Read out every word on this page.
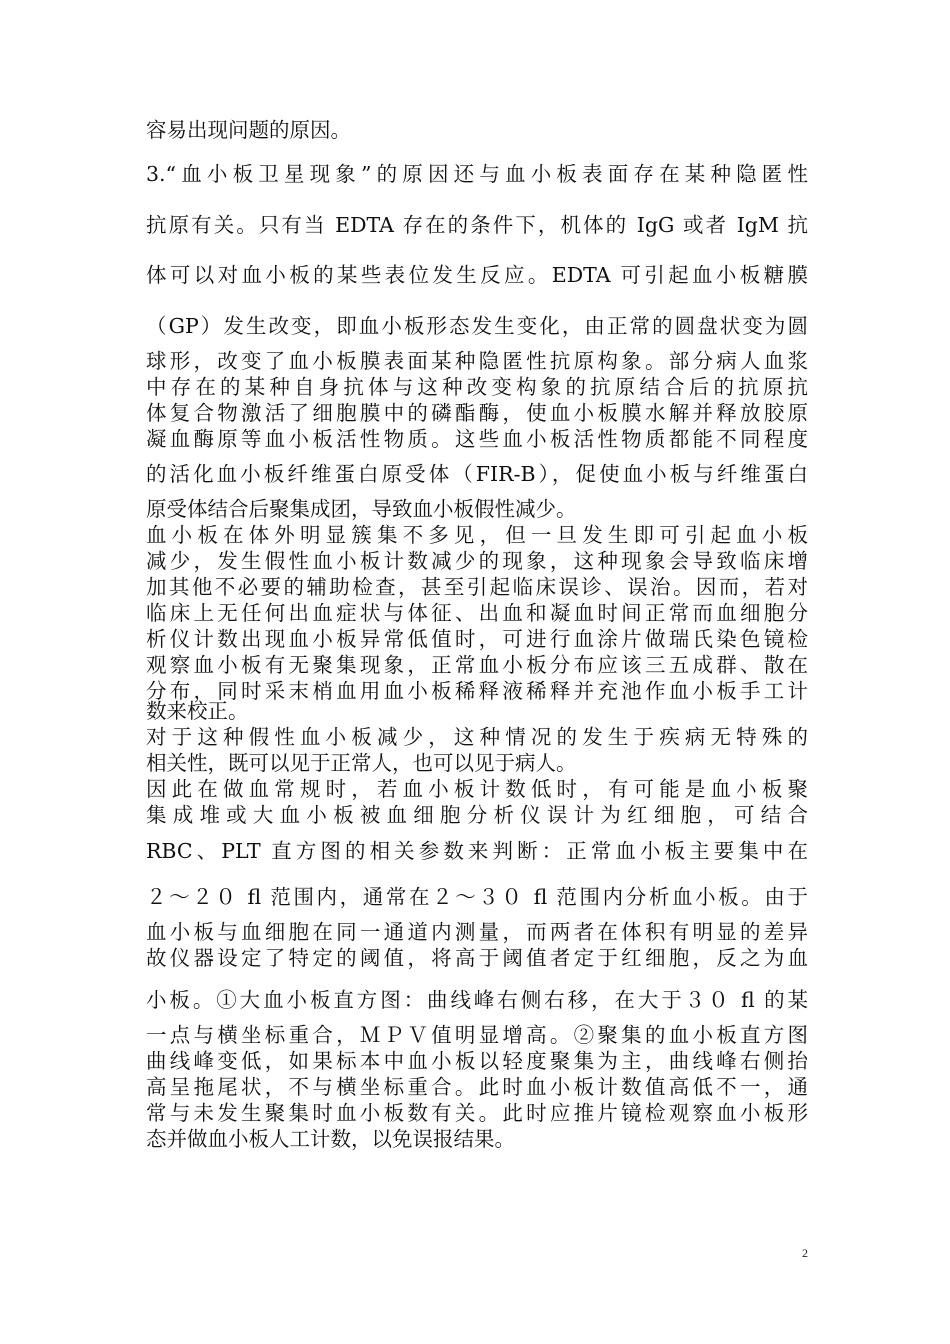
容易出现问题的原因。

3.“血小板卫星现象”的原因还与血小板表面存在某种隐匿性

抗原有关。只有当 EDTA 存在的条件下，机体的 IgG 或者 IgM 抗

体可以对血小板的某些表位发生反应。EDTA 可引起血小板糖膜

（GP）发生改变，即血小板形态发生变化，由正常的圆盘状变为圆

球形，改变了血小板膜表面某种隐匿性抗原构象。部分病人血浆

中存在的某种自身抗体与这种改变构象的抗原结合后的抗原抗

体复合物激活了细胞膜中的磷酯酶，使血小板膜水解并释放胶原

凝血酶原等血小板活性物质。这些血小板活性物质都能不同程度

的活化血小板纤维蛋白原受体（FIR-B），促使血小板与纤维蛋白

原受体结合后聚集成团，导致血小板假性减少。

血小板在体外明显簇集不多见，但一旦发生即可引起血小板

减少，发生假性血小板计数减少的现象，这种现象会导致临床增

加其他不必要的辅助检查，甚至引起临床误诊、误治。因而，若对

临床上无任何出血症状与体征、出血和凝血时间正常而血细胞分

析仪计数出现血小板异常低值时，可进行血涂片做瑞氏染色镜检

观察血小板有无聚集现象，正常血小板分布应该三五成群、散在

分布，同时采末梢血用血小板稀释液稀释并充池作血小板手工计

数来校正。

对于这种假性血小板减少，这种情况的发生于疾病无特殊的

相关性，既可以见于正常人，也可以见于病人。

因此在做血常规时，若血小板计数低时，有可能是血小板聚

集成堆或大血小板被血细胞分析仪误计为红细胞，可结合

RBC、PLT 直方图的相关参数来判断：正常血小板主要集中在

２～２０ fl 范围内，通常在２～３０ fl 范围内分析血小板。由于

血小板与血细胞在同一通道内测量，而两者在体积有明显的差异

故仪器设定了特定的阈值，将高于阈值者定于红细胞，反之为血

小板。①大血小板直方图：曲线峰右侧右移，在大于３０ fl 的某

一点与横坐标重合，ＭＰＶ值明显增高。②聚集的血小板直方图

曲线峰变低，如果标本中血小板以轻度聚集为主，曲线峰右侧抬

高呈拖尾状，不与横坐标重合。此时血小板计数值高低不一，通

常与未发生聚集时血小板数有关。此时应推片镜检观察血小板形

态并做血小板人工计数，以免误报结果。

2
